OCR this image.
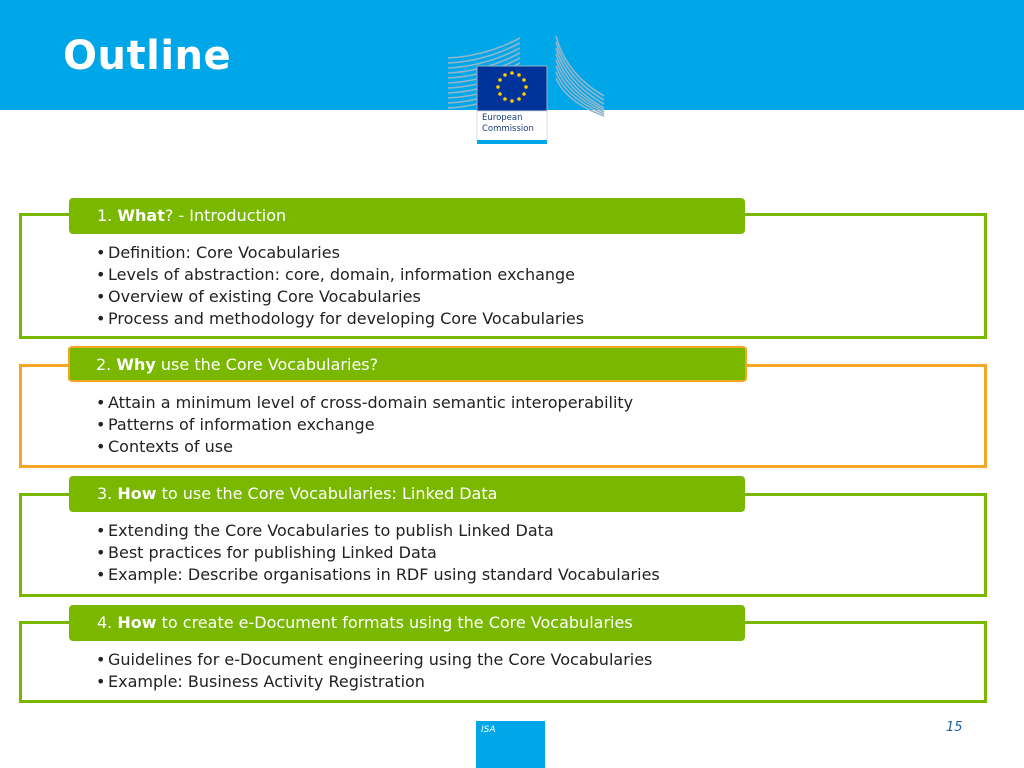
Outline
European Commission
1. What? - Introduction
• Definition: Core Vocabularies
• Levels of abstraction: core, domain, information exchange
• Overview of existing Core Vocabularies
• Process and methodology for developing Core Vocabularies
2. Why use the Core Vocabularies?
• Attain a minimum level of cross-domain semantic interoperability
• Patterns of information exchange
• Contexts of use
3. How to use the Core Vocabularies: Linked Data
• Extending the Core Vocabularies to publish Linked Data
• Best practices for publishing Linked Data
• Example: Describe organisations in RDF using standard Vocabularies
4. How to create e-Document formats using the Core Vocabularies
• Guidelines for e-Document engineering using the Core Vocabularies
• Example: Business Activity Registration
ISA	15
